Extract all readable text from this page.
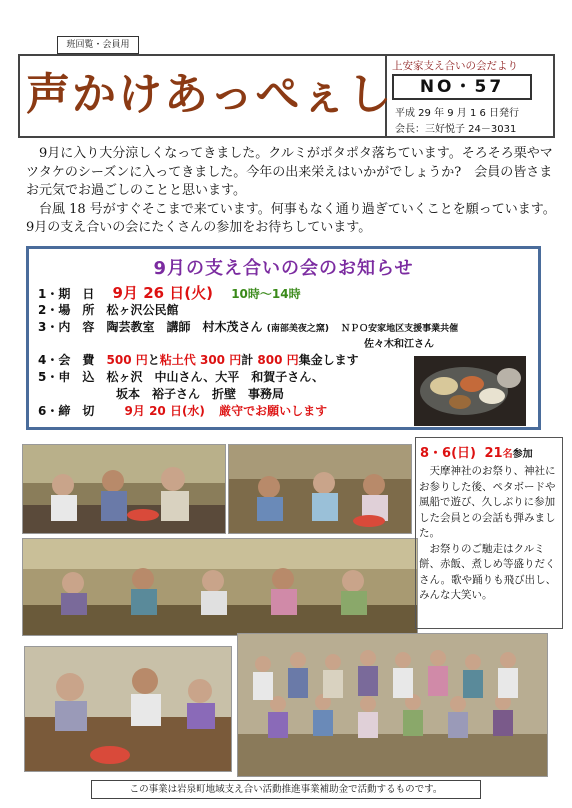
班回覧・会員用
声かけあっぺぇし
上安家支え合いの会だより
NO・57
平成 29 年 9 月 1 6 日発行
会長：三好悦子 24－3031

9月に入り大分涼しくなってきました。クルミがポタポタ落ちています。そろそろ栗やマツタケのシーズンに入ってきました。今年の出来栄えはいかがでしょうか?　会員の皆さまお元気でお過ごしのことと思います。

台風 18 号がすぐそこまで来ています。何事もなく通り過ぎていくことを願っています。9月の支え合いの会にたくさんの参加をお待ちしています。

9月の支え合いの会のお知らせ
1・期　日 9月 26 日(火) 10時～14時
2・場　所 松ヶ沢公民館
3・内　容 陶芸教室　講師　村木茂さん (南部美夜之窯) ＮＰＯ安家地区支援事業共催
佐々木和江さん
4・会　費 500 円と粘土代 300 円計 800 円集金します
5・申　込 松ヶ沢　中山さん、大平　和賀子さん、
坂本　裕子さん　折壁　事務局
6・締　切	9月 20 日(水) 厳守でお願いします
8・6(日) 21名参加

天摩神社のお祭り、神社にお参りした後、ペタボードや風船で遊び、久しぶりに参加した会員との会話も弾みました。

お祭りのご馳走はクルミ餅、赤飯、煮しめ等盛りだくさん。歌や踊りも飛び出し、みんな大笑い。

この事業は岩泉町地域支え合い活動推進事業補助金で活動するものです。
